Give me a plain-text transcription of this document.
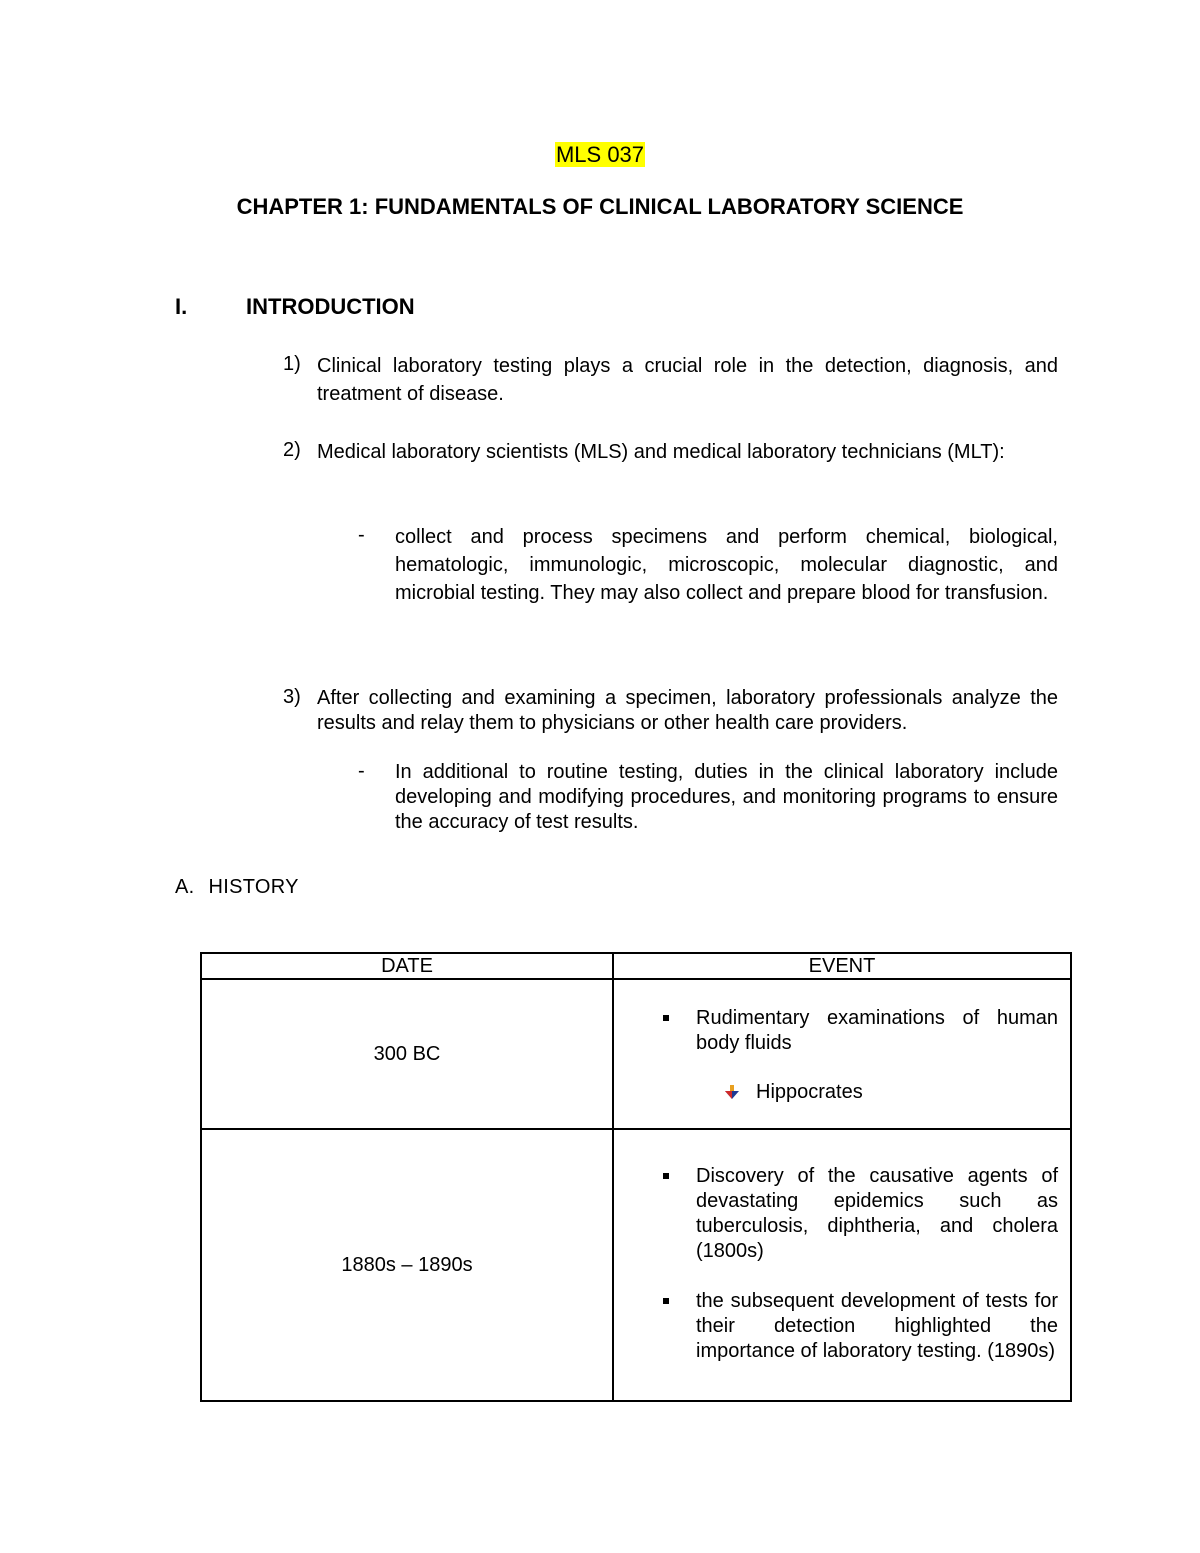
MLS 037
CHAPTER 1: FUNDAMENTALS OF CLINICAL LABORATORY SCIENCE
I.	INTRODUCTION
1) Clinical laboratory testing plays a crucial role in the detection, diagnosis, and treatment of disease.
2) Medical laboratory scientists (MLS) and medical laboratory technicians (MLT):
- collect and process specimens and perform chemical, biological, hematologic, immunologic, microscopic, molecular diagnostic, and microbial testing. They may also collect and prepare blood for transfusion.
3) After collecting and examining a specimen, laboratory professionals analyze the results and relay them to physicians or other health care providers.
- In additional to routine testing, duties in the clinical laboratory include developing and modifying procedures, and monitoring programs to ensure the accuracy of test results.
A. HISTORY
DATE	EVENT
300 BC	Rudimentary examinations of human body fluids
Hippocrates

1880s – 1890s	Discovery of the causative agents of devastating epidemics such as tuberculosis, diphtheria, and cholera (1800s)
the subsequent development of tests for their detection highlighted the importance of laboratory testing. (1890s)
